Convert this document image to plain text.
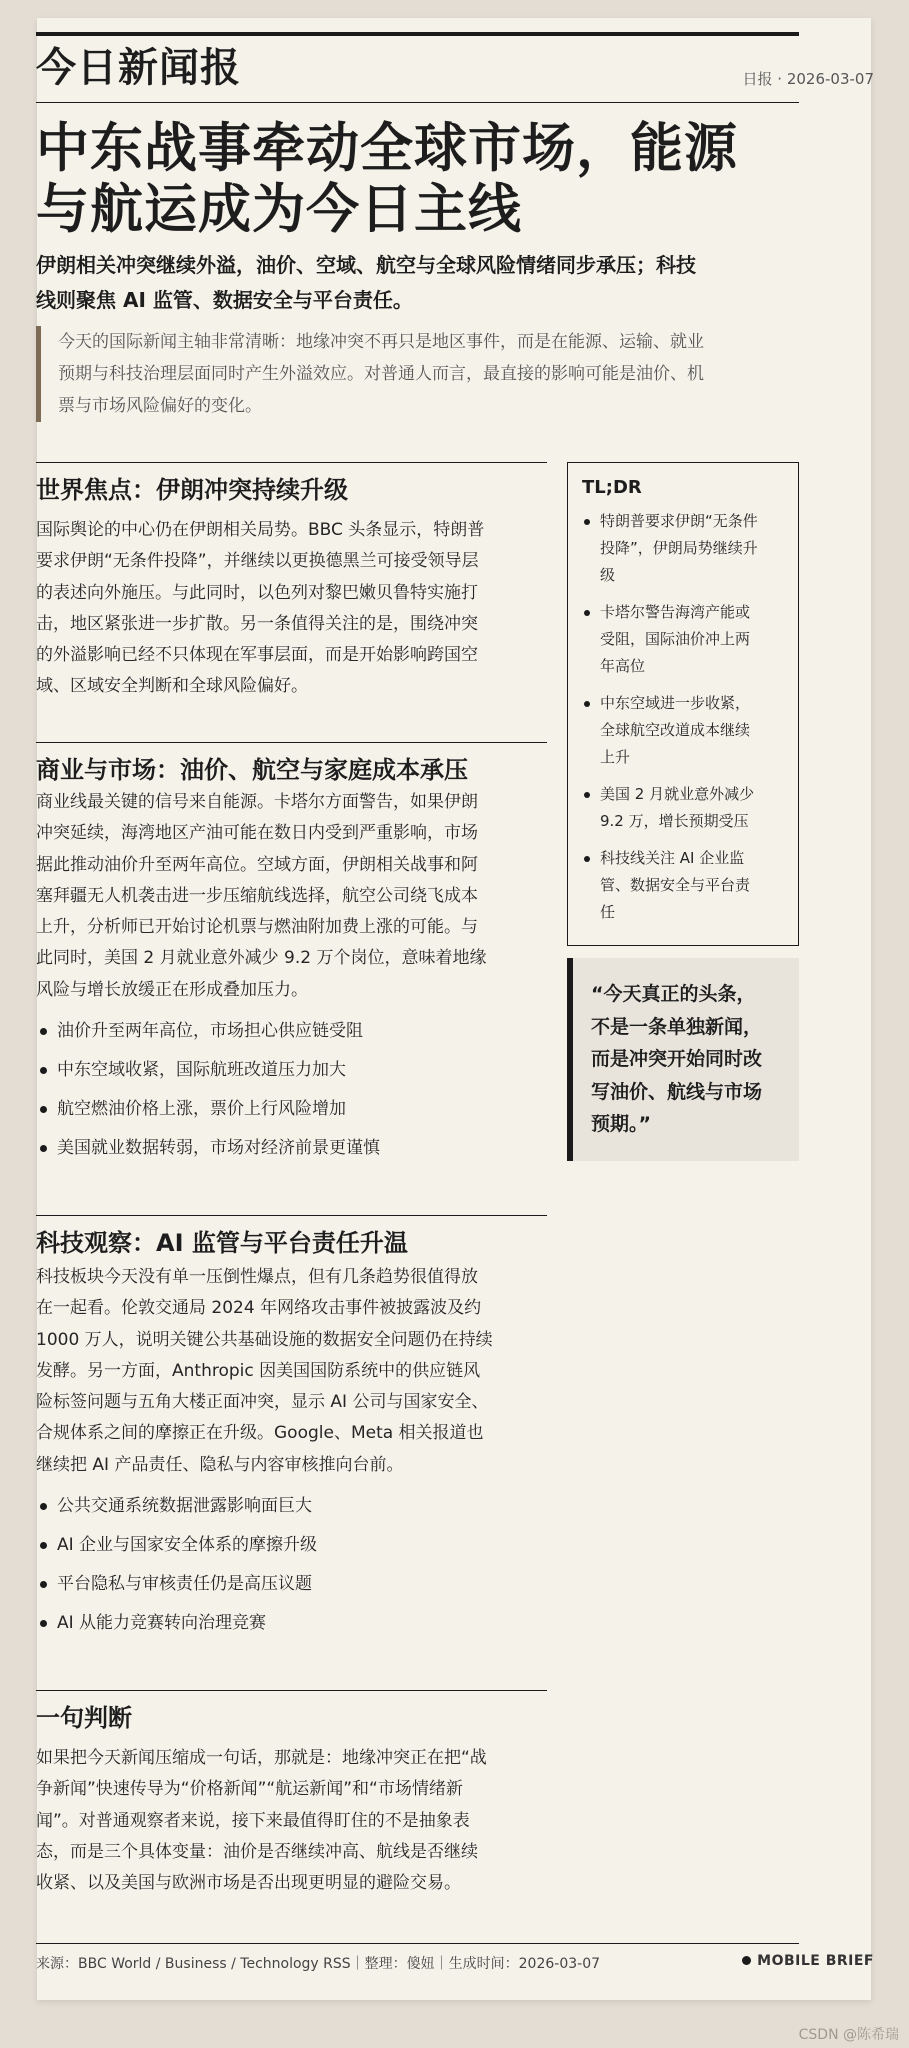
今日新闻报	日报 · 2026-03-07
中东战事牵动全球市场，能源
与航运成为今日主线
伊朗相关冲突继续外溢，油价、空域、航空与全球风险情绪同步承压；科技
线则聚焦 AI 监管、数据安全与平台责任。
今天的国际新闻主轴非常清晰：地缘冲突不再只是地区事件，而是在能源、运输、就业
预期与科技治理层面同时产生外溢效应。对普通人而言，最直接的影响可能是油价、机
票与市场风险偏好的变化。
世界焦点：伊朗冲突持续升级
国际舆论的中心仍在伊朗相关局势。BBC 头条显示，特朗普
要求伊朗“无条件投降”，并继续以更换德黑兰可接受领导层
的表述向外施压。与此同时，以色列对黎巴嫩贝鲁特实施打
击，地区紧张进一步扩散。另一条值得关注的是，围绕冲突
的外溢影响已经不只体现在军事层面，而是开始影响跨国空
域、区域安全判断和全球风险偏好。
商业与市场：油价、航空与家庭成本承压
商业线最关键的信号来自能源。卡塔尔方面警告，如果伊朗
冲突延续，海湾地区产油可能在数日内受到严重影响，市场
据此推动油价升至两年高位。空域方面，伊朗相关战事和阿
塞拜疆无人机袭击进一步压缩航线选择，航空公司绕飞成本
上升，分析师已开始讨论机票与燃油附加费上涨的可能。与
此同时，美国 2 月就业意外减少 9.2 万个岗位，意味着地缘
风险与增长放缓正在形成叠加压力。
油价升至两年高位，市场担心供应链受阻
中东空域收紧，国际航班改道压力加大
航空燃油价格上涨，票价上行风险增加
美国就业数据转弱，市场对经济前景更谨慎
科技观察：AI 监管与平台责任升温
科技板块今天没有单一压倒性爆点，但有几条趋势很值得放
在一起看。伦敦交通局 2024 年网络攻击事件被披露波及约
1000 万人，说明关键公共基础设施的数据安全问题仍在持续
发酵。另一方面，Anthropic 因美国国防系统中的供应链风
险标签问题与五角大楼正面冲突，显示 AI 公司与国家安全、
合规体系之间的摩擦正在升级。Google、Meta 相关报道也
继续把 AI 产品责任、隐私与内容审核推向台前。
公共交通系统数据泄露影响面巨大
AI 企业与国家安全体系的摩擦升级
平台隐私与审核责任仍是高压议题
AI 从能力竞赛转向治理竞赛
一句判断
如果把今天新闻压缩成一句话，那就是：地缘冲突正在把“战
争新闻”快速传导为“价格新闻”“航运新闻”和“市场情绪新
闻”。对普通观察者来说，接下来最值得盯住的不是抽象表
态，而是三个具体变量：油价是否继续冲高、航线是否继续
收紧、以及美国与欧洲市场是否出现更明显的避险交易。
TL;DR
特朗普要求伊朗“无条件
投降”，伊朗局势继续升
级
卡塔尔警告海湾产能或
受阻，国际油价冲上两
年高位
中东空域进一步收紧，
全球航空改道成本继续
上升
美国 2 月就业意外减少
9.2 万，增长预期受压
科技线关注 AI 企业监
管、数据安全与平台责
任
“今天真正的头条，
不是一条单独新闻，
而是冲突开始同时改
写油价、航线与市场
预期。”
来源：BBC World / Business / Technology RSS｜整理：傻妞｜生成时间：2026-03-07	MOBILE BRIEF
CSDN @陈希瑞
